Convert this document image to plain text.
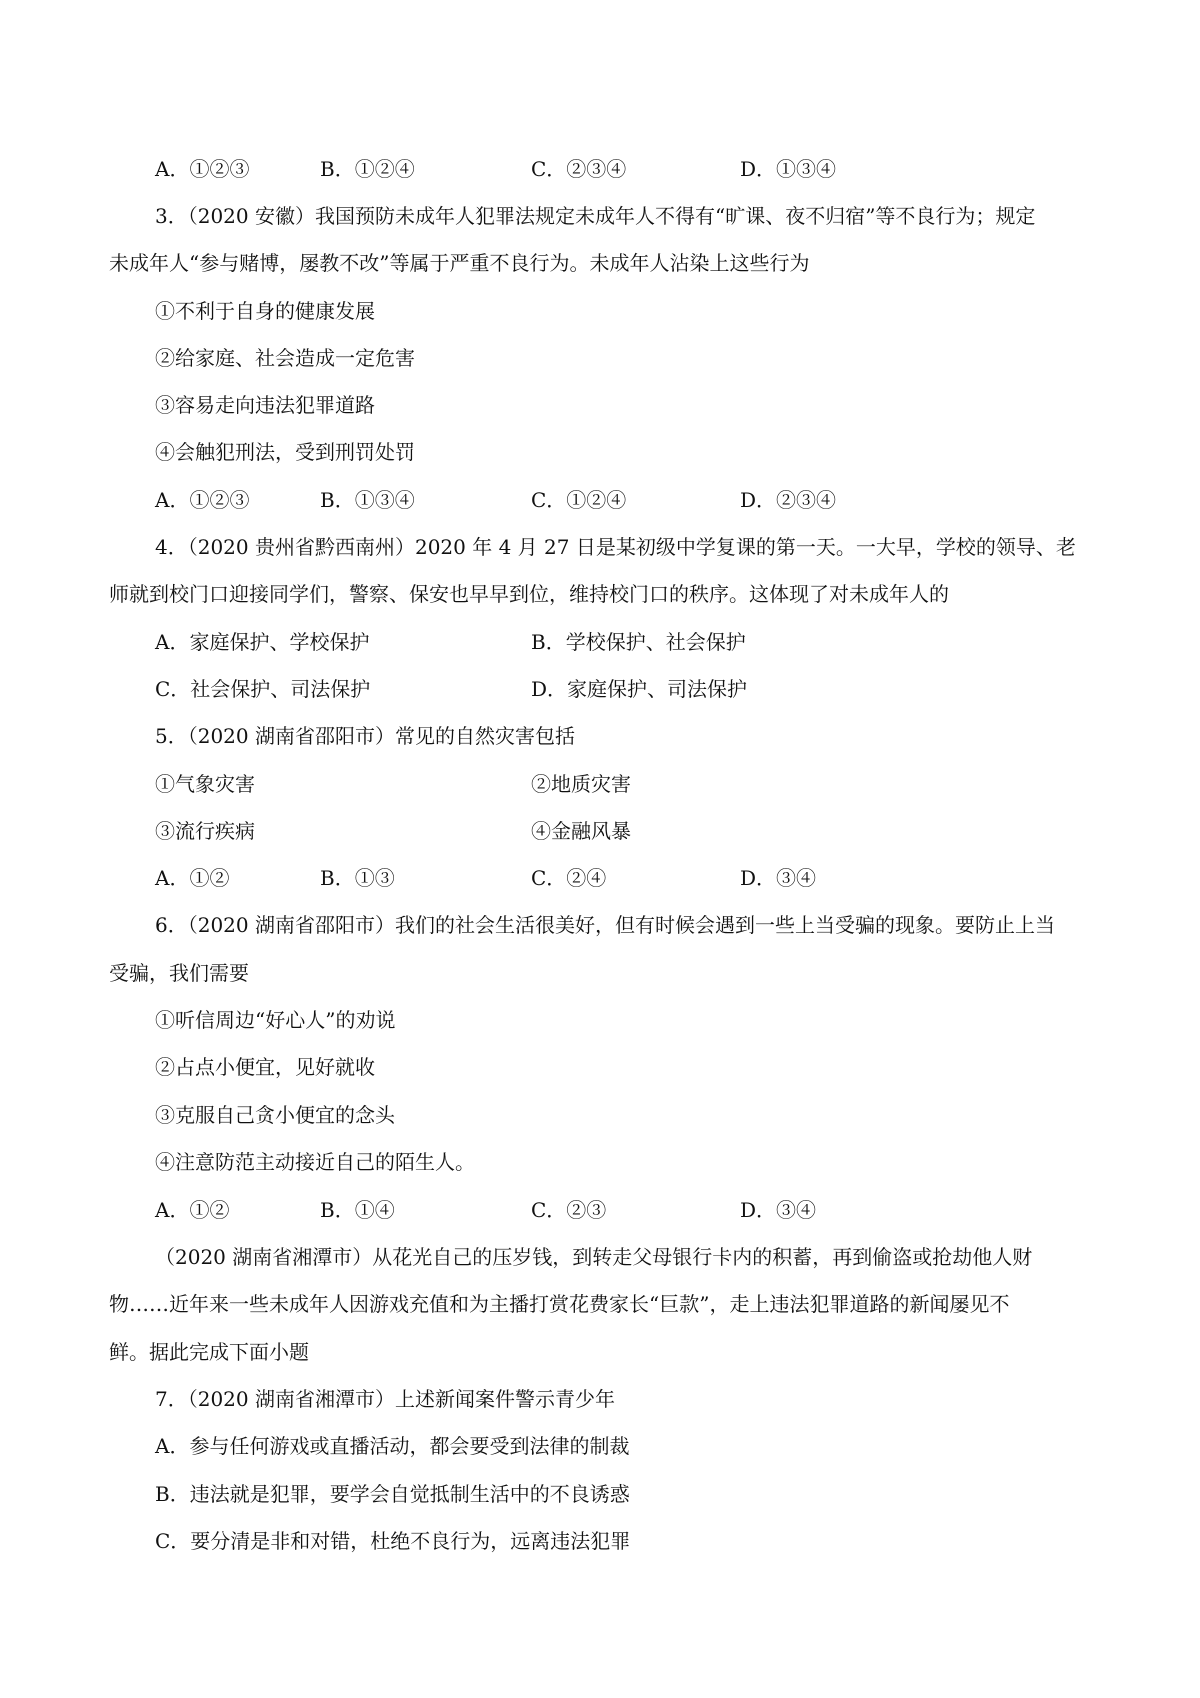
A．①②③	B．①②④	C．②③④	D．①③④
3．（2020 安徽）我国预防未成年人犯罪法规定未成年人不得有“旷课、夜不归宿”等不良行为；规定
未成年人“参与赌博，屡教不改”等属于严重不良行为。未成年人沾染上这些行为
①不利于自身的健康发展
②给家庭、社会造成一定危害
③容易走向违法犯罪道路
④会触犯刑法，受到刑罚处罚
A．①②③	B．①③④	C．①②④	D．②③④
4．（2020 贵州省黔西南州）2020 年 4 月 27 日是某初级中学复课的第一天。一大早，学校的领导、老
师就到校门口迎接同学们，警察、保安也早早到位，维持校门口的秩序。这体现了对未成年人的
A．家庭保护、学校保护	B．学校保护、社会保护
C．社会保护、司法保护	D．家庭保护、司法保护
5．（2020 湖南省邵阳市）常见的自然灾害包括
①气象灾害	②地质灾害
③流行疾病	④金融风暴
A．①②	B．①③	C．②④	D．③④
6．（2020 湖南省邵阳市）我们的社会生活很美好，但有时候会遇到一些上当受骗的现象。要防止上当
受骗，我们需要
①听信周边“好心人”的劝说
②占点小便宜，见好就收
③克服自己贪小便宜的念头
④注意防范主动接近自己的陌生人。
A．①②	B．①④	C．②③	D．③④
（2020 湖南省湘潭市）从花光自己的压岁钱，到转走父母银行卡内的积蓄，再到偷盗或抢劫他人财
物……近年来一些未成年人因游戏充值和为主播打赏花费家长“巨款”，走上违法犯罪道路的新闻屡见不
鲜。据此完成下面小题
7．（2020 湖南省湘潭市）上述新闻案件警示青少年
A．参与任何游戏或直播活动，都会要受到法律的制裁
B．违法就是犯罪，要学会自觉抵制生活中的不良诱惑
C．要分清是非和对错，杜绝不良行为，远离违法犯罪
